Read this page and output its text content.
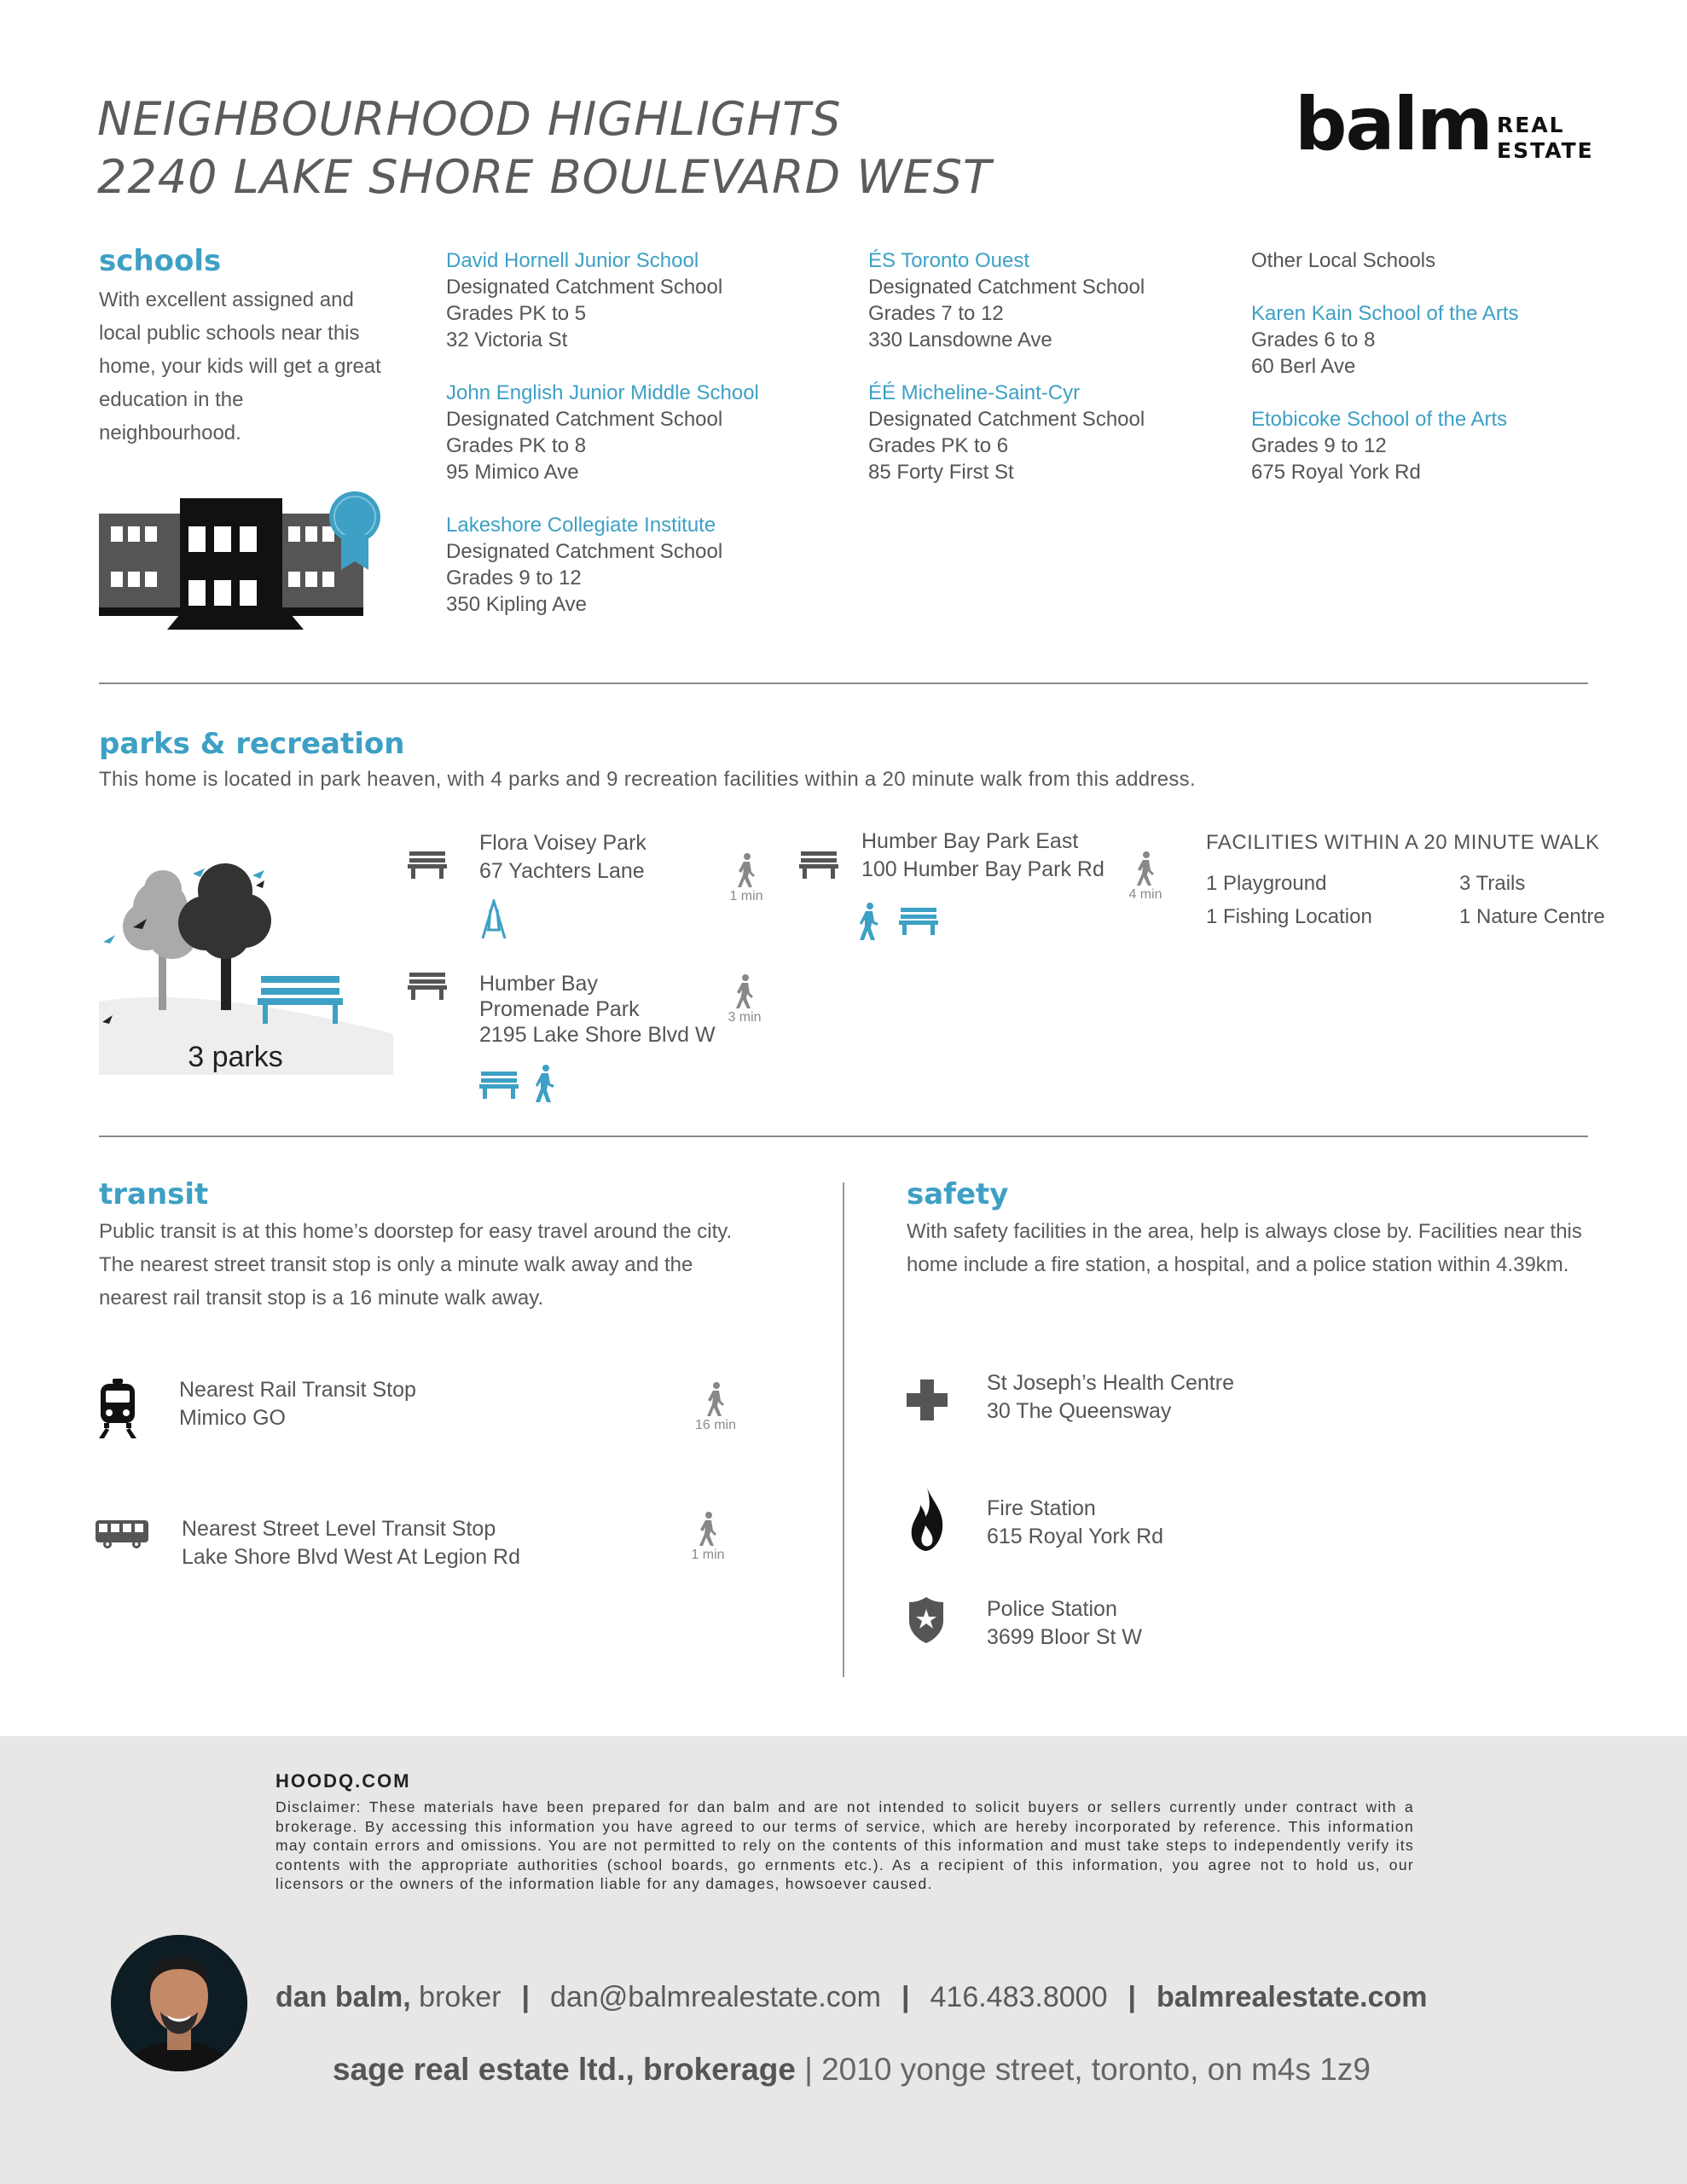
NEIGHBOURHOOD HIGHLIGHTS
2240 LAKE SHORE BOULEVARD WEST
balm REAL
ESTATE
schools
With excellent assigned and local public schools near this home, your kids will get a great education in the neighbourhood.
David Hornell Junior School
Designated Catchment School
Grades PK to 5
32 Victoria St
John English Junior Middle School
Designated Catchment School
Grades PK to 8
95 Mimico Ave
Lakeshore Collegiate Institute
Designated Catchment School
Grades 9 to 12
350 Kipling Ave
ÉS Toronto Ouest
Designated Catchment School
Grades 7 to 12
330 Lansdowne Ave
ÉÉ Micheline-Saint-Cyr
Designated Catchment School
Grades PK to 6
85 Forty First St
Other Local Schools
Karen Kain School of the Arts
Grades 6 to 8
60 Berl Ave
Etobicoke School of the Arts
Grades 9 to 12
675 Royal York Rd
parks & recreation
This home is located in park heaven, with 4 parks and 9 recreation facilities within a 20 minute walk from this address.
3 parks
Flora Voisey Park
67 Yachters Lane
1 min
Humber Bay Park East
100 Humber Bay Park Rd
4 min
Humber Bay
Promenade Park
2195 Lake Shore Blvd W
3 min
FACILITIES WITHIN A 20 MINUTE WALK
1 Playground	3 Trails
1 Fishing Location	1 Nature Centre
transit
Public transit is at this home’s doorstep for easy travel around the city. The nearest street transit stop is only a minute walk away and the nearest rail transit stop is a 16 minute walk away.
Nearest Rail Transit Stop
Mimico GO	16 min
Nearest Street Level Transit Stop
Lake Shore Blvd West At Legion Rd	1 min
safety
With safety facilities in the area, help is always close by. Facilities near this home include a fire station, a hospital, and a police station within 4.39km.
St Joseph’s Health Centre
30 The Queensway
Fire Station
615 Royal York Rd
Police Station
3699 Bloor St W
HOODQ.COM
Disclaimer: These materials have been prepared for dan balm and are not intended to solicit buyers or sellers currently under contract with a brokerage. By accessing this information you have agreed to our terms of service, which are hereby incorporated by reference. This information may contain errors and omissions. You are not permitted to rely on the contents of this information and must take steps to independently verify its contents with the appropriate authorities (school boards, go ernments etc.). As a recipient of this information, you agree not to hold us, our licensors or the owners of the information liable for any damages, howsoever caused.
dan balm, broker | dan@balmrealestate.com | 416.483.8000 | balmrealestate.com
sage real estate ltd., brokerage | 2010 yonge street, toronto, on m4s 1z9
